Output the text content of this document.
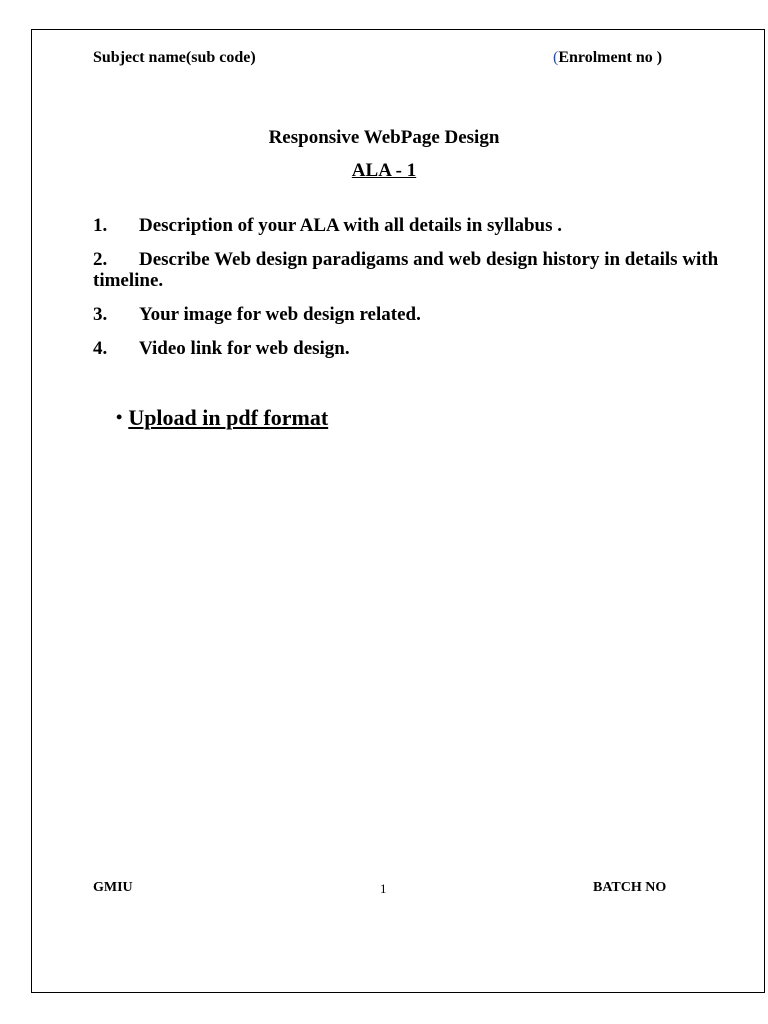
Subject name(sub code)	(Enrolment no )
Responsive WebPage Design
ALA - 1
1. Description of your ALA with all details in syllabus .
2. Describe Web design paradigams and web design history in details with timeline.
3. Your image for web design related.
4. Video link for web design.
• Upload in pdf format
GMIU	1	BATCH NO
